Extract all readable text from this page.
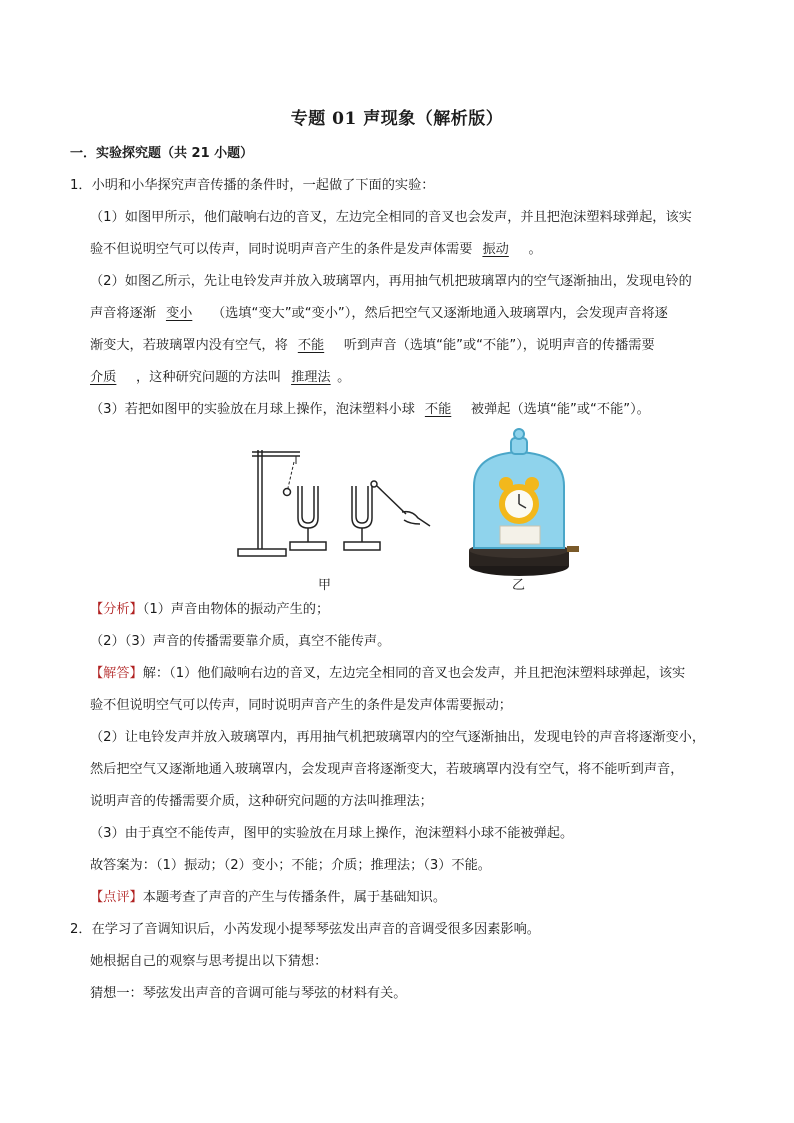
专题 01 声现象（解析版）
一．实验探究题（共 21 小题）
1．小明和小华探究声音传播的条件时，一起做了下面的实验：
（1）如图甲所示，他们敲响右边的音叉，左边完全相同的音叉也会发声，并且把泡沫塑料球弹起，该实
验不但说明空气可以传声，同时说明声音产生的条件是发声体需要 振动 。
（2）如图乙所示，先让电铃发声并放入玻璃罩内，再用抽气机把玻璃罩内的空气逐渐抽出，发现电铃的
声音将逐渐 变小 （选填“变大”或“变小”），然后把空气又逐渐地通入玻璃罩内，会发现声音将逐
渐变大，若玻璃罩内没有空气，将 不能 听到声音（选填“能”或“不能”），说明声音的传播需要
介质 ，这种研究问题的方法叫 推理法 。
（3）若把如图甲的实验放在月球上操作，泡沫塑料小球 不能 被弹起（选填“能”或“不能”）。
甲	乙
【分析】（1）声音由物体的振动产生的；
（2）（3）声音的传播需要靠介质，真空不能传声。
【解答】解：（1）他们敲响右边的音叉，左边完全相同的音叉也会发声，并且把泡沫塑料球弹起，该实
验不但说明空气可以传声，同时说明声音产生的条件是发声体需要振动；
（2）让电铃发声并放入玻璃罩内，再用抽气机把玻璃罩内的空气逐渐抽出，发现电铃的声音将逐渐变小，
然后把空气又逐渐地通入玻璃罩内，会发现声音将逐渐变大，若玻璃罩内没有空气，将不能听到声音，
说明声音的传播需要介质，这种研究问题的方法叫推理法；
（3）由于真空不能传声，图甲的实验放在月球上操作，泡沫塑料小球不能被弹起。
故答案为：（1）振动；（2）变小；不能；介质；推理法；（3）不能。
【点评】本题考查了声音的产生与传播条件，属于基础知识。
2．在学习了音调知识后，小芮发现小提琴琴弦发出声音的音调受很多因素影响。
她根据自己的观察与思考提出以下猜想：
猜想一：琴弦发出声音的音调可能与琴弦的材料有关。
